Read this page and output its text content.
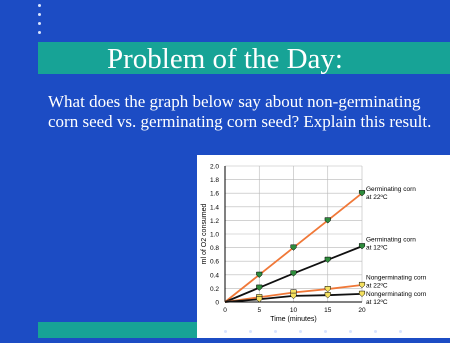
Problem of the Day:
What does the graph below say about non-germinating corn seed vs. germinating corn seed? Explain this result.
0
0.2
0.4
0.6
0.8
1.0
1.2
1.4
1.6
1.8
2.0
0	5	10	15	20
Germinating corn
at 22ºC
Germinating corn
at 12ºC
Nongerminating corn
at 22ºC
Nongerminating corn
at 12ºC
ml of O2 consumed
Time (minutes)
